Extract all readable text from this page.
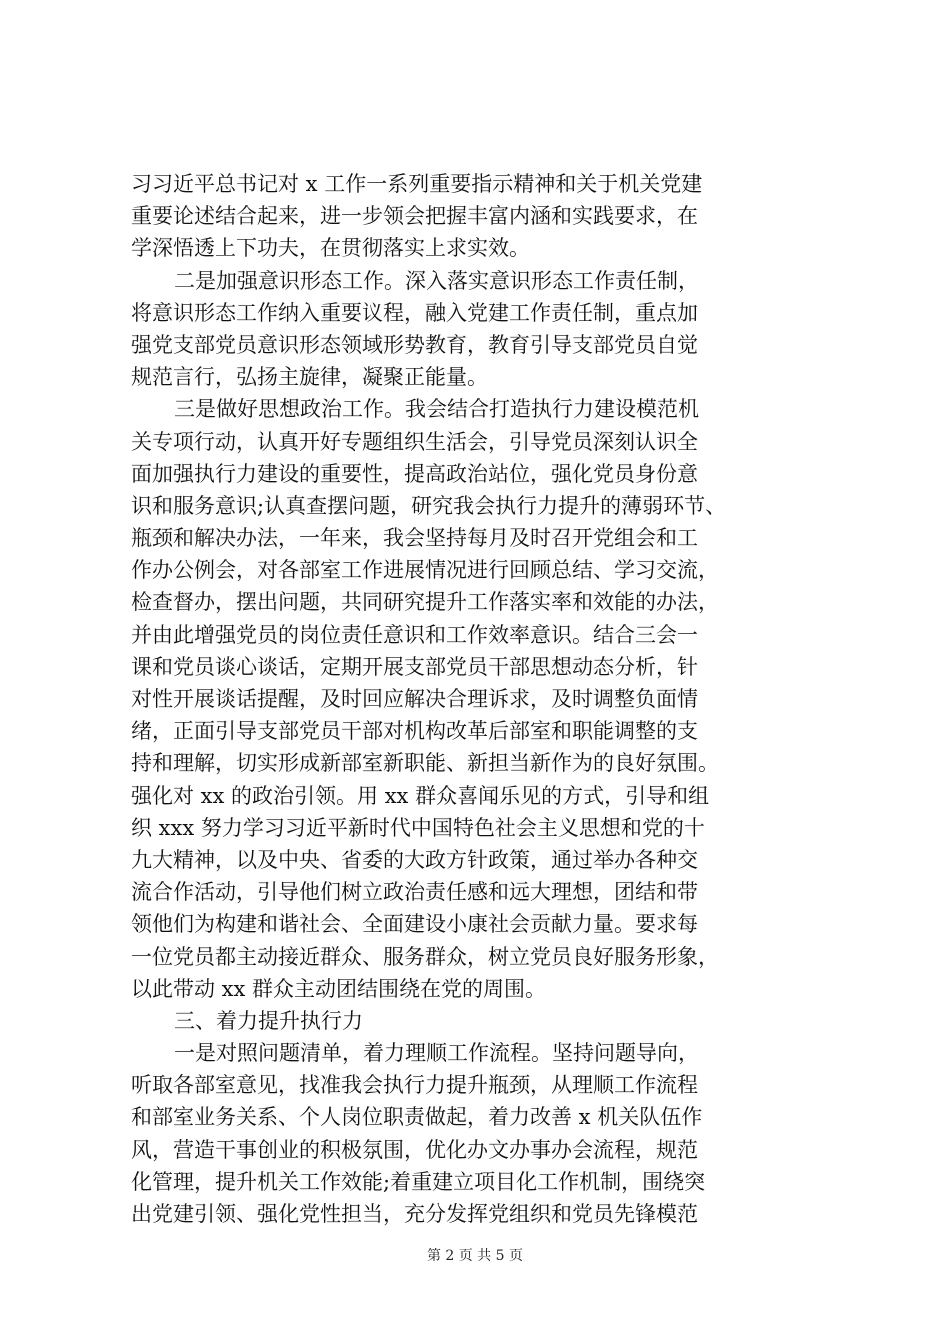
习习近平总书记对 x 工作一系列重要指示精神和关于机关党建
重要论述结合起来，进一步领会把握丰富内涵和实践要求，在
学深悟透上下功夫，在贯彻落实上求实效。
二是加强意识形态工作。深入落实意识形态工作责任制，
将意识形态工作纳入重要议程，融入党建工作责任制，重点加
强党支部党员意识形态领域形势教育，教育引导支部党员自觉
规范言行，弘扬主旋律，凝聚正能量。
三是做好思想政治工作。我会结合打造执行力建设模范机
关专项行动，认真开好专题组织生活会，引导党员深刻认识全
面加强执行力建设的重要性，提高政治站位，强化党员身份意
识和服务意识;认真查摆问题，研究我会执行力提升的薄弱环节、
瓶颈和解决办法，一年来，我会坚持每月及时召开党组会和工
作办公例会，对各部室工作进展情况进行回顾总结、学习交流，
检查督办，摆出问题，共同研究提升工作落实率和效能的办法，
并由此增强党员的岗位责任意识和工作效率意识。结合三会一
课和党员谈心谈话，定期开展支部党员干部思想动态分析，针
对性开展谈话提醒，及时回应解决合理诉求，及时调整负面情
绪，正面引导支部党员干部对机构改革后部室和职能调整的支
持和理解，切实形成新部室新职能、新担当新作为的良好氛围。
强化对 xx 的政治引领。用 xx 群众喜闻乐见的方式，引导和组
织 xxx 努力学习习近平新时代中国特色社会主义思想和党的十
九大精神，以及中央、省委的大政方针政策，通过举办各种交
流合作活动，引导他们树立政治责任感和远大理想，团结和带
领他们为构建和谐社会、全面建设小康社会贡献力量。要求每
一位党员都主动接近群众、服务群众，树立党员良好服务形象，
以此带动 xx 群众主动团结围绕在党的周围。
三、着力提升执行力
一是对照问题清单，着力理顺工作流程。坚持问题导向，
听取各部室意见，找准我会执行力提升瓶颈，从理顺工作流程
和部室业务关系、个人岗位职责做起，着力改善 x 机关队伍作
风，营造干事创业的积极氛围，优化办文办事办会流程，规范
化管理，提升机关工作效能;着重建立项目化工作机制，围绕突
出党建引领、强化党性担当，充分发挥党组织和党员先锋模范
第 2 页 共 5 页
